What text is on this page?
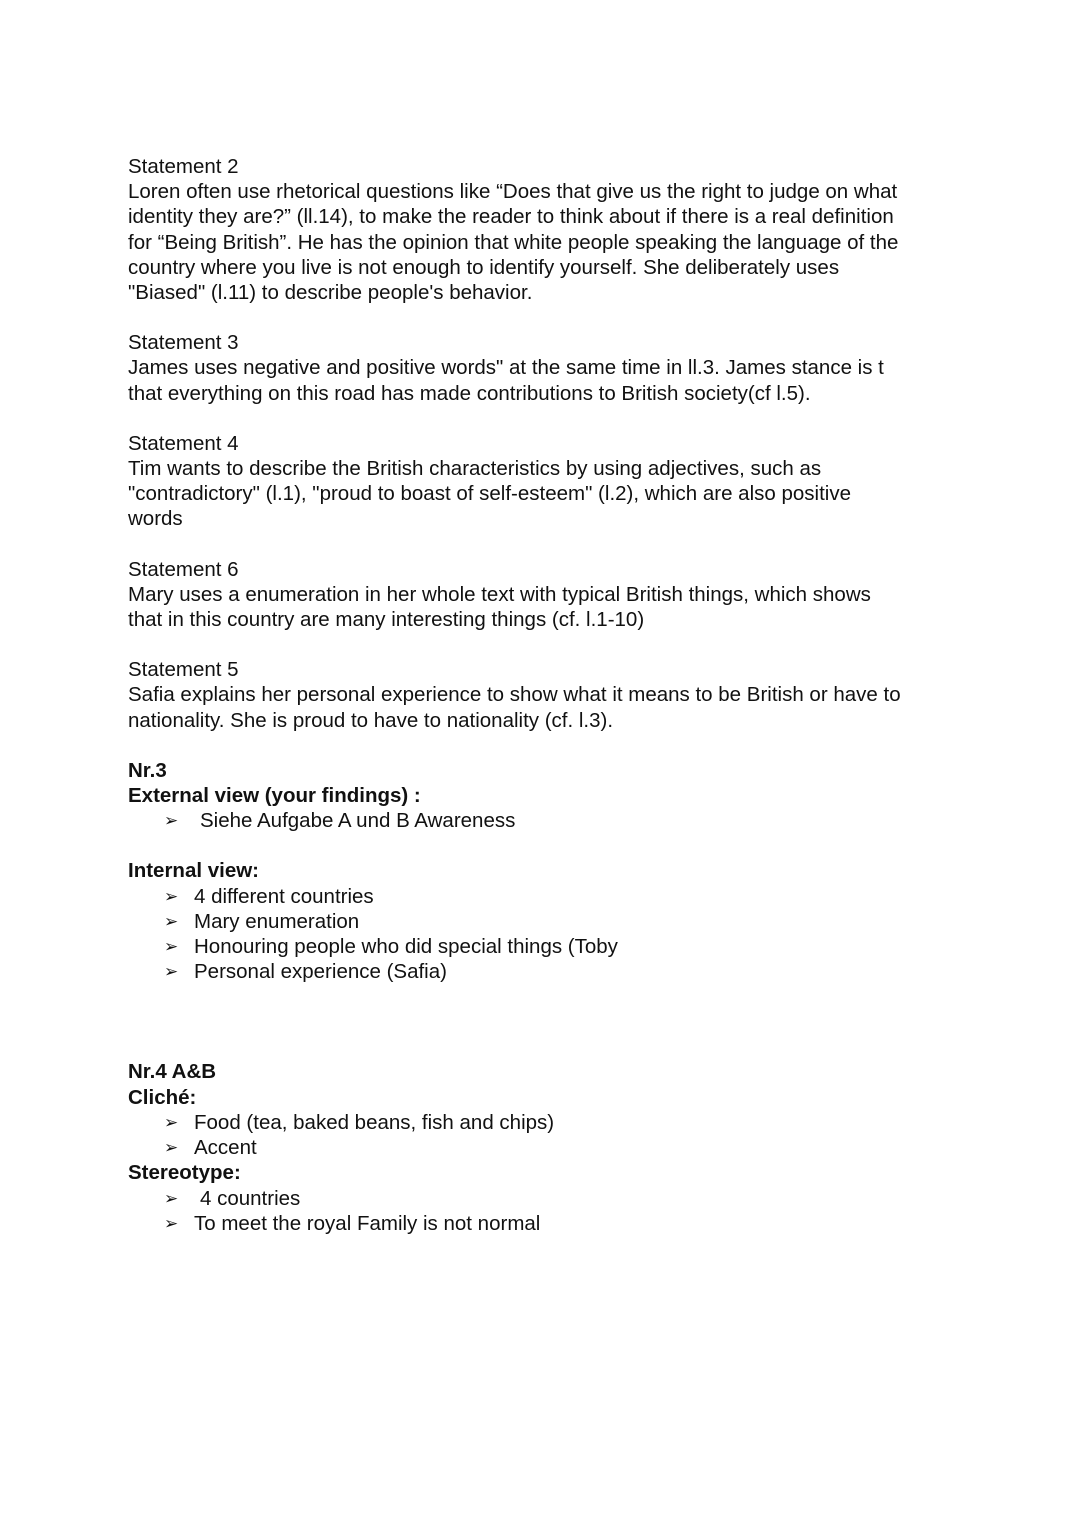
Statement 2

Loren often use rhetorical questions like “Does that give us the right to judge on what

identity they are?” (ll.14), to make the reader to think about if there is a real definition

for “Being British”. He has the opinion that white people speaking the language of the

country where you live is not enough to identify yourself. She deliberately uses

"Biased" (l.11) to describe people's behavior.

Statement 3

James uses negative and positive words" at the same time in ll.3. James stance is t

that everything on this road has made contributions to British society(cf l.5).

Statement 4

Tim wants to describe the British characteristics by using adjectives, such as

"contradictory" (l.1), "proud to boast of self-esteem" (l.2), which are also positive

words

Statement 6

Mary uses a enumeration in her whole text with typical British things, which shows

that in this country are many interesting things (cf. l.1-10)

Statement 5

Safia explains her personal experience to show what it means to be British or have to

nationality. She is proud to have to nationality (cf. l.3).

Nr.3

External view (your findings) :

➢ Siehe Aufgabe A und B Awareness

Internal view:

➢ 4 different countries
➢ Mary enumeration
➢ Honouring people who did special things (Toby
➢ Personal experience (Safia)

Nr.4 A&B

Cliché:

➢ Food (tea, baked beans, fish and chips)
➢ Accent

Stereotype:

➢ 4 countries
➢ To meet the royal Family is not normal
